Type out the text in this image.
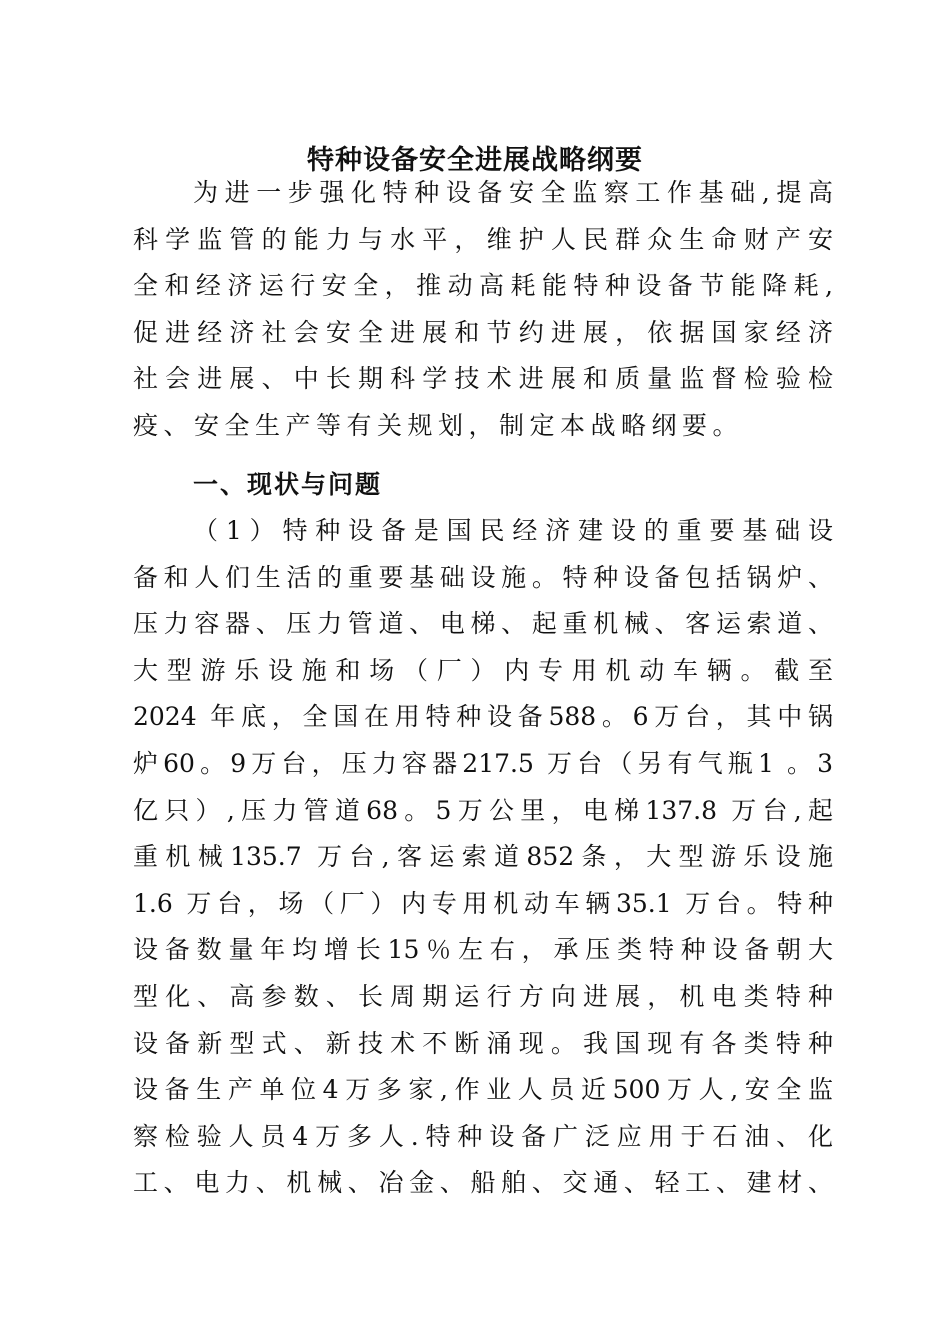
特种设备安全进展战略纲要
为进一步强化特种设备安全监察工作基础,提高
科学监管的能力与水平，维护人民群众生命财产安
全和经济运行安全，推动高耗能特种设备节能降耗,
促进经济社会安全进展和节约进展，依据国家经济
社会进展、中长期科学技术进展和质量监督检验检
疫、安全生产等有关规划，制定本战略纲要。
一、现状与问题
（1）特种设备是国民经济建设的重要基础设
备和人们生活的重要基础设施。特种设备包括锅炉、
压力容器、压力管道、电梯、起重机械、客运索道、
大型游乐设施和场（厂）内专用机动车辆。截至
2024 年底，全国在用特种设备588。6万台，其中锅
炉60。9万台，压力容器217.5 万台（另有气瓶1 。3
亿只）,压力管道68。5万公里，电梯137.8 万台,起
重机械135.7 万台,客运索道852条，大型游乐设施
1.6 万台，场（厂）内专用机动车辆35.1 万台。特种
设备数量年均增长15％左右，承压类特种设备朝大
型化、高参数、长周期运行方向进展，机电类特种
设备新型式、新技术不断涌现。我国现有各类特种
设备生产单位4万多家,作业人员近500万人,安全监
察检验人员4万多人.特种设备广泛应用于石油、化
工、电力、机械、冶金、船舶、交通、轻工、建材、
